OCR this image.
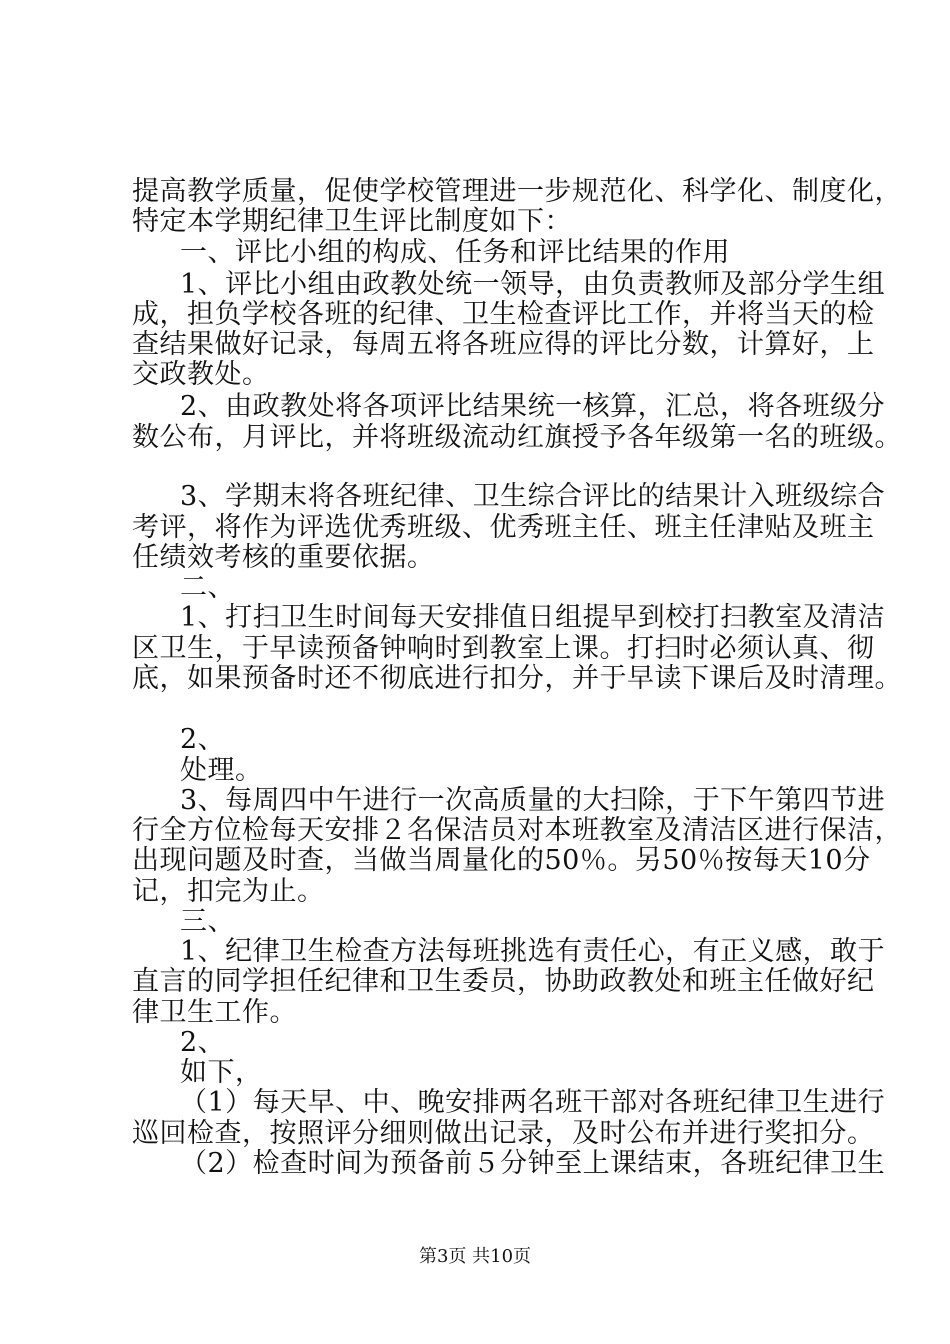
提高教学质量，促使学校管理进一步规范化、科学化、制度化，
特定本学期纪律卫生评比制度如下：
一、评比小组的构成、任务和评比结果的作用
1、评比小组由政教处统一领导，由负责教师及部分学生组
成，担负学校各班的纪律、卫生检查评比工作，并将当天的检
查结果做好记录，每周五将各班应得的评比分数，计算好，上
交政教处。
2、由政教处将各项评比结果统一核算，汇总，将各班级分
数公布，月评比，并将班级流动红旗授予各年级第一名的班级。
3、学期末将各班纪律、卫生综合评比的结果计入班级综合
考评，将作为评选优秀班级、优秀班主任、班主任津贴及班主
任绩效考核的重要依据。
二、
1、打扫卫生时间每天安排值日组提早到校打扫教室及清洁
区卫生，于早读预备钟响时到教室上课。打扫时必须认真、彻
底，如果预备时还不彻底进行扣分，并于早读下课后及时清理。
2、
处理。
3、每周四中午进行一次高质量的大扫除，于下午第四节进
行全方位检每天安排２名保洁员对本班教室及清洁区进行保洁，
出现问题及时查，当做当周量化的50％。另50％按每天10分
记，扣完为止。
三、
1、纪律卫生检查方法每班挑选有责任心，有正义感，敢于
直言的同学担任纪律和卫生委员，协助政教处和班主任做好纪
律卫生工作。
2、
如下，
（1）每天早、中、晚安排两名班干部对各班纪律卫生进行
巡回检查，按照评分细则做出记录，及时公布并进行奖扣分。
（2）检查时间为预备前５分钟至上课结束，各班纪律卫生
第3页 共10页
